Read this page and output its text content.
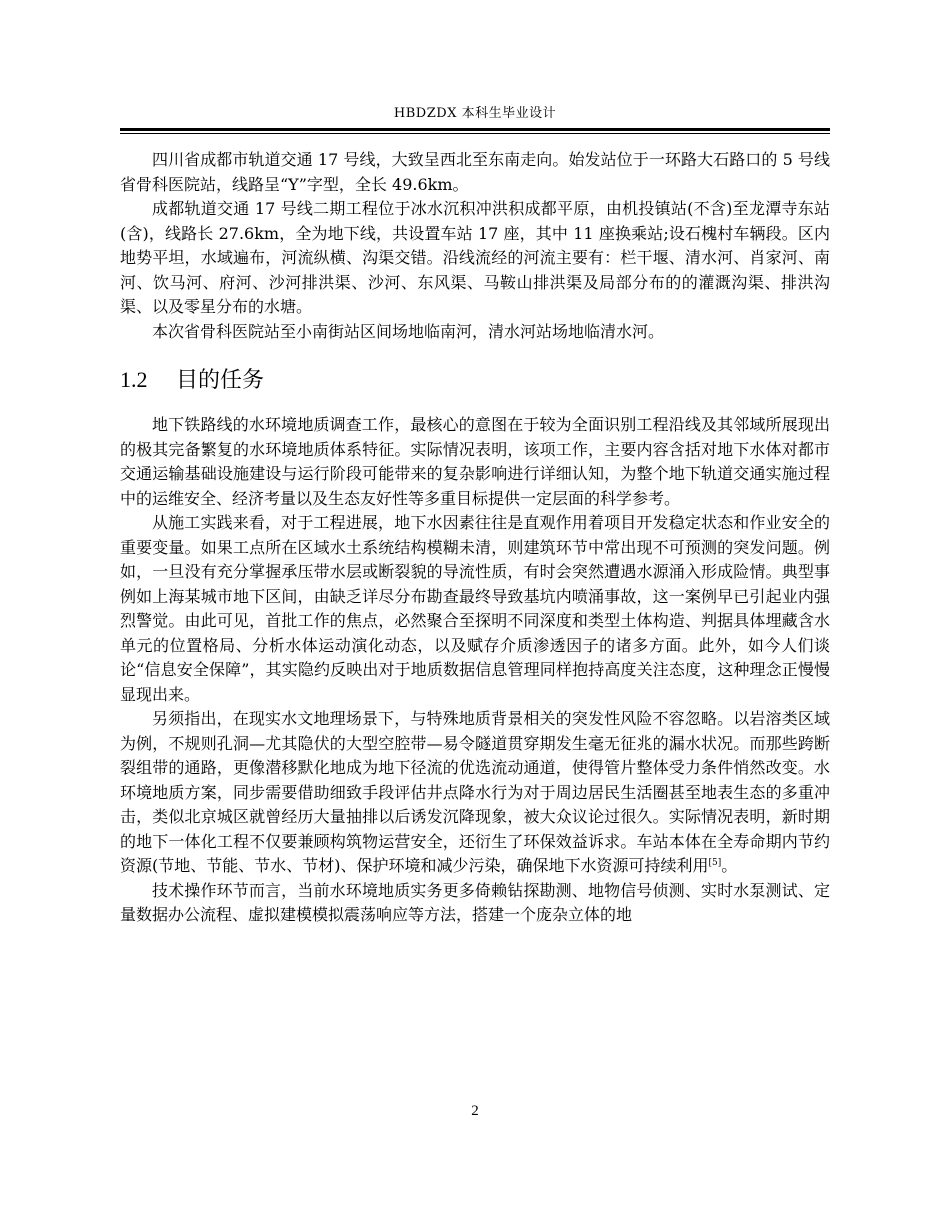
HBDZDX 本科生毕业设计

四川省成都市轨道交通 17 号线，大致呈西北至东南走向。始发站位于一环路大石路口的 5 号线省骨科医院站，线路呈“Y”字型，全长 49.6km。

成都轨道交通 17 号线二期工程位于冰水沉积冲洪积成都平原，由机投镇站(不含)至龙潭寺东站(含)，线路长 27.6km，全为地下线，共设置车站 17 座，其中 11 座换乘站;设石槐村车辆段。区内地势平坦，水域遍布，河流纵横、沟渠交错。沿线流经的河流主要有：栏干堰、清水河、肖家河、南河、饮马河、府河、沙河排洪渠、沙河、东风渠、马鞍山排洪渠及局部分布的的灌溉沟渠、排洪沟渠、以及零星分布的水塘。

本次省骨科医院站至小南街站区间场地临南河，清水河站场地临清水河。

1.2 目的任务

地下铁路线的水环境地质调查工作，最核心的意图在于较为全面识别工程沿线及其邻域所展现出的极其完备繁复的水环境地质体系特征。实际情况表明，该项工作，主要内容含括对地下水体对都市交通运输基础设施建设与运行阶段可能带来的复杂影响进行详细认知，为整个地下轨道交通实施过程中的运维安全、经济考量以及生态友好性等多重目标提供一定层面的科学参考。

从施工实践来看，对于工程进展，地下水因素往往是直观作用着项目开发稳定状态和作业安全的重要变量。如果工点所在区域水土系统结构模糊未清，则建筑环节中常出现不可预测的突发问题。例如，一旦没有充分掌握承压带水层或断裂貌的导流性质，有时会突然遭遇水源涌入形成险情。典型事例如上海某城市地下区间，由缺乏详尽分布勘查最终导致基坑内喷涌事故，这一案例早已引起业内强烈警觉。由此可见，首批工作的焦点，必然聚合至探明不同深度和类型土体构造、判据具体埋藏含水单元的位置格局、分析水体运动演化动态，以及赋存介质渗透因子的诸多方面。此外，如今人们谈论“信息安全保障”，其实隐约反映出对于地质数据信息管理同样抱持高度关注态度，这种理念正慢慢显现出来。

另须指出，在现实水文地理场景下，与特殊地质背景相关的突发性风险不容忽略。以岩溶类区域为例，不规则孔洞—尤其隐伏的大型空腔带—易令隧道贯穿期发生毫无征兆的漏水状况。而那些跨断裂组带的通路，更像潜移默化地成为地下径流的优选流动通道，使得管片整体受力条件悄然改变。水环境地质方案，同步需要借助细致手段评估井点降水行为对于周边居民生活圈甚至地表生态的多重冲击，类似北京城区就曾经历大量抽排以后诱发沉降现象，被大众议论过很久。实际情况表明，新时期的地下一体化工程不仅要兼顾构筑物运营安全，还衍生了环保效益诉求。车站本体在全寿命期内节约资源(节地、节能、节水、节材)、保护环境和减少污染，确保地下水资源可持续利用[5]。

技术操作环节而言，当前水环境地质实务更多倚赖钻探勘测、地物信号侦测、实时水泵测试、定量数据办公流程、虚拟建模模拟震荡响应等方法，搭建一个庞杂立体的地

2
